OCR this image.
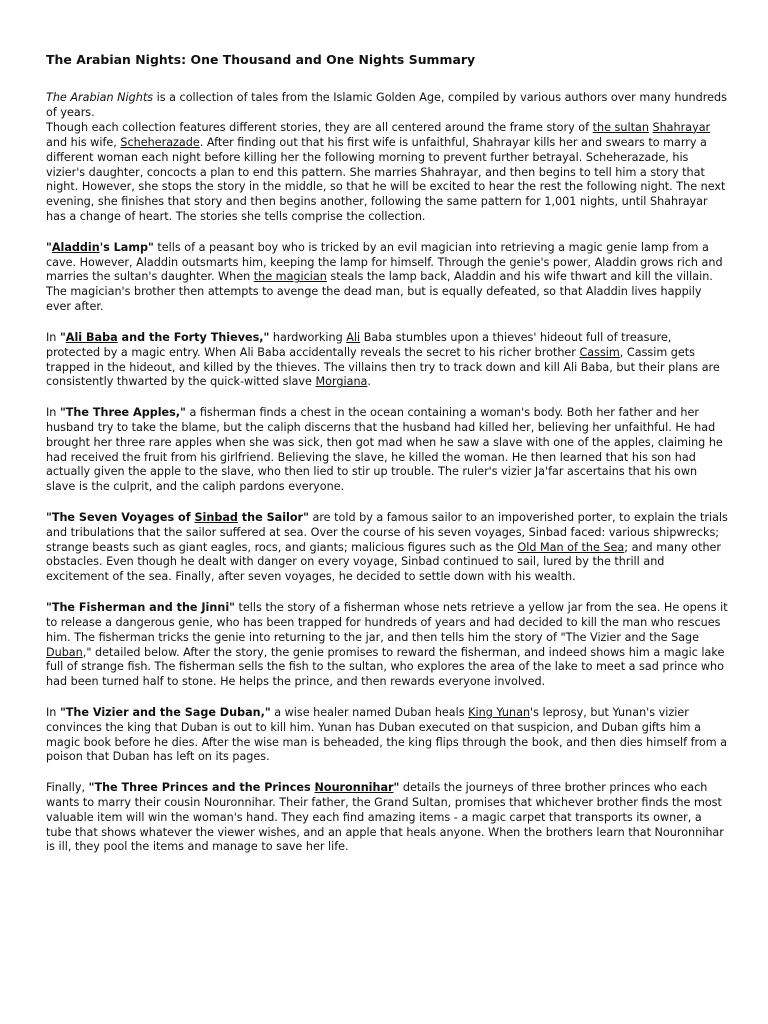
The Arabian Nights: One Thousand and One Nights Summary

The Arabian Nights is a collection of tales from the Islamic Golden Age, compiled by various authors over many hundreds of years.

Though each collection features different stories, they are all centered around the frame story of the sultan Shahrayar and his wife, Scheherazade. After finding out that his first wife is unfaithful, Shahrayar kills her and swears to marry a different woman each night before killing her the following morning to prevent further betrayal. Scheherazade, his vizier's daughter, concocts a plan to end this pattern. She marries Shahrayar, and then begins to tell him a story that night. However, she stops the story in the middle, so that he will be excited to hear the rest the following night. The next evening, she finishes that story and then begins another, following the same pattern for 1,001 nights, until Shahrayar has a change of heart. The stories she tells comprise the collection.

"Aladdin's Lamp" tells of a peasant boy who is tricked by an evil magician into retrieving a magic genie lamp from a cave. However, Aladdin outsmarts him, keeping the lamp for himself. Through the genie's power, Aladdin grows rich and marries the sultan's daughter. When the magician steals the lamp back, Aladdin and his wife thwart and kill the villain. The magician's brother then attempts to avenge the dead man, but is equally defeated, so that Aladdin lives happily ever after.

In "Ali Baba and the Forty Thieves," hardworking Ali Baba stumbles upon a thieves' hideout full of treasure, protected by a magic entry. When Ali Baba accidentally reveals the secret to his richer brother Cassim, Cassim gets trapped in the hideout, and killed by the thieves. The villains then try to track down and kill Ali Baba, but their plans are consistently thwarted by the quick-witted slave Morgiana.

In "The Three Apples," a fisherman finds a chest in the ocean containing a woman's body. Both her father and her husband try to take the blame, but the caliph discerns that the husband had killed her, believing her unfaithful. He had brought her three rare apples when she was sick, then got mad when he saw a slave with one of the apples, claiming he had received the fruit from his girlfriend. Believing the slave, he killed the woman. He then learned that his son had actually given the apple to the slave, who then lied to stir up trouble. The ruler's vizier Ja'far ascertains that his own slave is the culprit, and the caliph pardons everyone.

"The Seven Voyages of Sinbad the Sailor" are told by a famous sailor to an impoverished porter, to explain the trials and tribulations that the sailor suffered at sea. Over the course of his seven voyages, Sinbad faced: various shipwrecks; strange beasts such as giant eagles, rocs, and giants; malicious figures such as the Old Man of the Sea; and many other obstacles. Even though he dealt with danger on every voyage, Sinbad continued to sail, lured by the thrill and excitement of the sea. Finally, after seven voyages, he decided to settle down with his wealth.

"The Fisherman and the Jinni" tells the story of a fisherman whose nets retrieve a yellow jar from the sea. He opens it to release a dangerous genie, who has been trapped for hundreds of years and had decided to kill the man who rescues him. The fisherman tricks the genie into returning to the jar, and then tells him the story of "The Vizier and the Sage Duban," detailed below. After the story, the genie promises to reward the fisherman, and indeed shows him a magic lake full of strange fish. The fisherman sells the fish to the sultan, who explores the area of the lake to meet a sad prince who had been turned half to stone. He helps the prince, and then rewards everyone involved.

In "The Vizier and the Sage Duban," a wise healer named Duban heals King Yunan's leprosy, but Yunan's vizier convinces the king that Duban is out to kill him. Yunan has Duban executed on that suspicion, and Duban gifts him a magic book before he dies. After the wise man is beheaded, the king flips through the book, and then dies himself from a poison that Duban has left on its pages.

Finally, "The Three Princes and the Princes Nouronnihar" details the journeys of three brother princes who each wants to marry their cousin Nouronnihar. Their father, the Grand Sultan, promises that whichever brother finds the most valuable item will win the woman's hand. They each find amazing items - a magic carpet that transports its owner, a tube that shows whatever the viewer wishes, and an apple that heals anyone. When the brothers learn that Nouronnihar is ill, they pool the items and manage to save her life.
